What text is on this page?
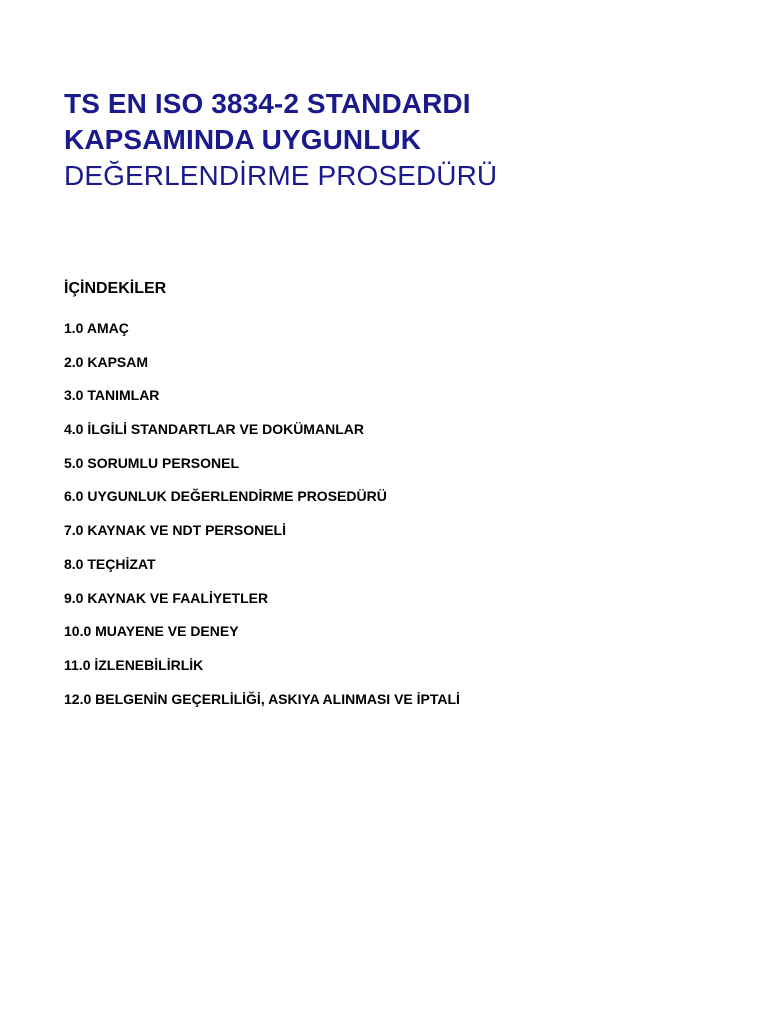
TS EN ISO 3834-2 STANDARDI
KAPSAMINDA UYGUNLUK
DEĞERLENDİRME PROSEDÜRÜ
İÇİNDEKİLER
1.0 AMAÇ
2.0 KAPSAM
3.0 TANIMLAR
4.0 İLGİLİ STANDARTLAR VE DOKÜMANLAR
5.0 SORUMLU PERSONEL
6.0 UYGUNLUK DEĞERLENDİRME PROSEDÜRÜ
7.0 KAYNAK VE NDT PERSONELİ
8.0 TEÇHİZAT
9.0 KAYNAK VE FAALİYETLER
10.0 MUAYENE VE DENEY
11.0 İZLENEBİLİRLİK
12.0 BELGENİN GEÇERLİLİĞİ, ASKIYA ALINMASI VE İPTALİ
